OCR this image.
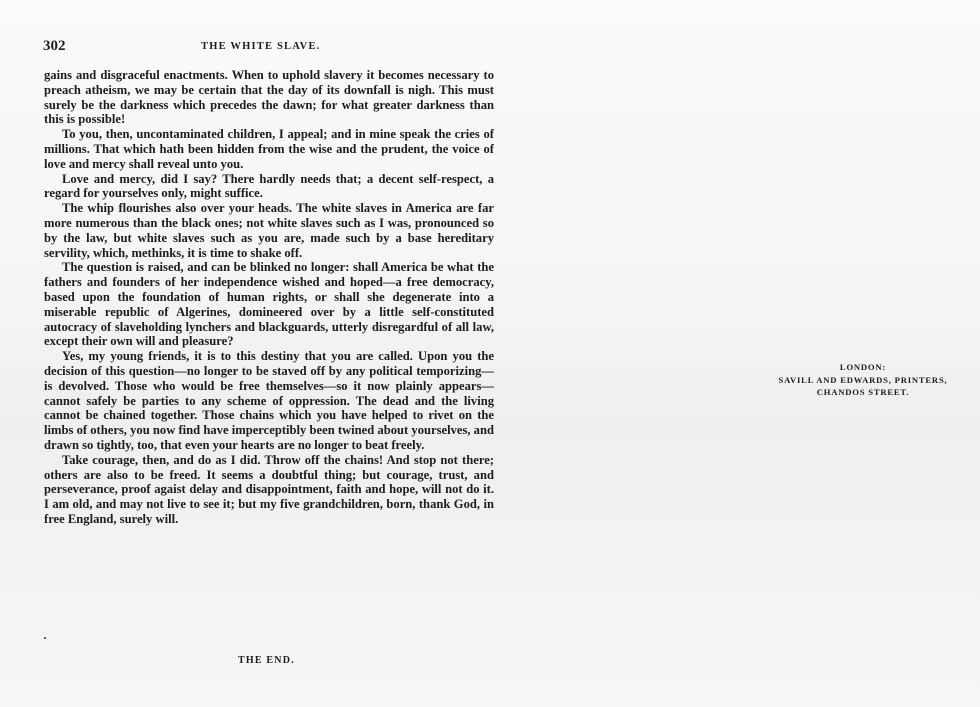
302	THE WHITE SLAVE.

gains and disgraceful enactments. When to uphold slavery it becomes necessary to preach atheism, we may be certain that the day of its downfall is nigh. This must surely be the darkness which precedes the dawn; for what greater darkness than this is possible!

To you, then, uncontaminated children, I appeal; and in mine speak the cries of millions. That which hath been hidden from the wise and the prudent, the voice of love and mercy shall reveal unto you.

Love and mercy, did I say? There hardly needs that; a decent self-respect, a regard for yourselves only, might suffice.

The whip flourishes also over your heads. The white slaves in America are far more numerous than the black ones; not white slaves such as I was, pronounced so by the law, but white slaves such as you are, made such by a base hereditary servility, which, methinks, it is time to shake off.

The question is raised, and can be blinked no longer: shall America be what the fathers and founders of her independence wished and hoped—a free democracy, based upon the foundation of human rights, or shall she degenerate into a miserable republic of Algerines, domineered over by a little self-constituted autocracy of slaveholding lynchers and blackguards, utterly disregardful of all law, except their own will and pleasure?

Yes, my young friends, it is to this destiny that you are called. Upon you the decision of this question—no longer to be staved off by any political temporizing—is devolved. Those who would be free themselves—so it now plainly appears—cannot safely be parties to any scheme of oppression. The dead and the living cannot be chained together. Those chains which you have helped to rivet on the limbs of others, you now find have imperceptibly been twined about yourselves, and drawn so tightly, too, that even your hearts are no longer to beat freely.

Take courage, then, and do as I did. Throw off the chains! And stop not there; others are also to be freed. It seems a doubtful thing; but courage, trust, and perseverance, proof agaist delay and disappointment, faith and hope, will not do it. I am old, and may not live to see it; but my five grandchildren, born, thank God, in free England, surely will.

THE END.
LONDON:
SAVILL AND EDWARDS, PRINTERS,
CHANDOS STREET.
